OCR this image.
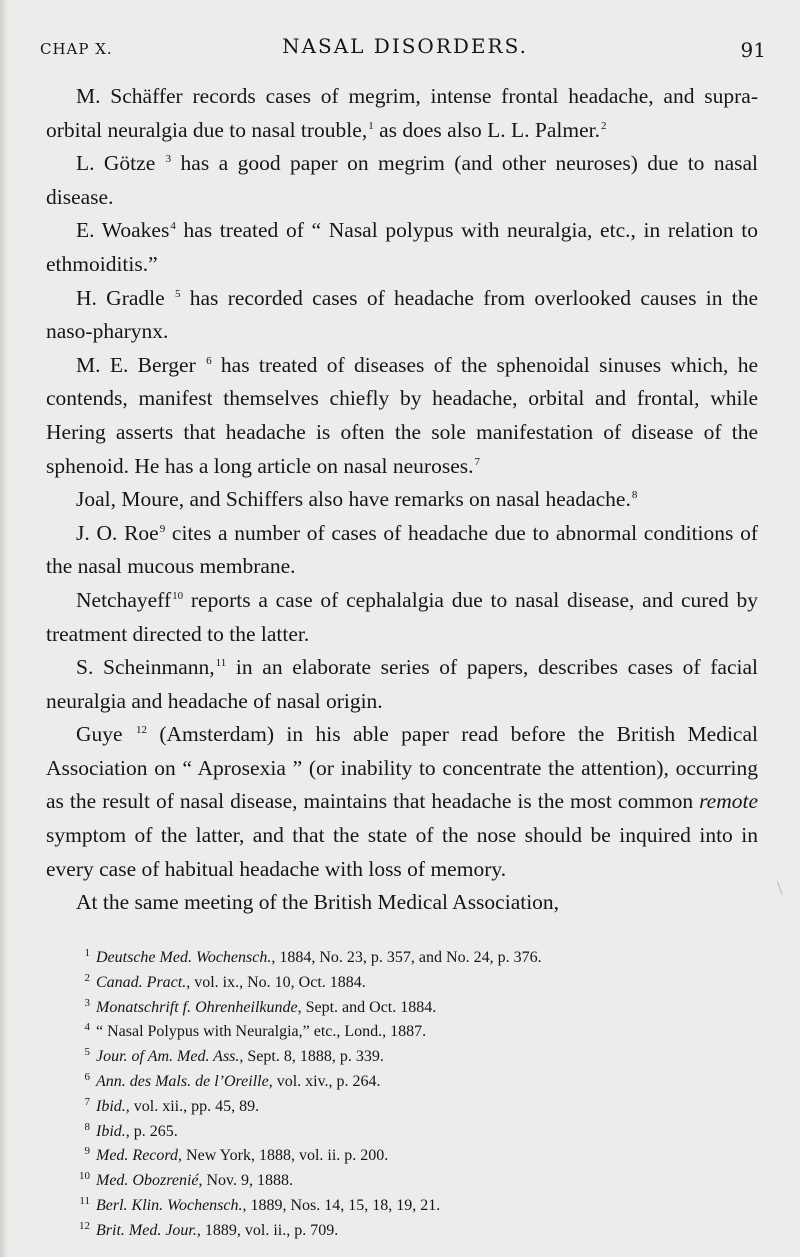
CHAP X.	NASAL DISORDERS.	91

M. Schäffer records cases of megrim, intense frontal headache, and supra-orbital neuralgia due to nasal trouble,$^1$ as does also L. L. Palmer.$^2$

L. Götze $^3$ has a good paper on megrim (and other neuroses) due to nasal disease.

E. Woakes$^4$ has treated of “ Nasal polypus with neuralgia, etc., in relation to ethmoiditis.”

H. Gradle $^5$ has recorded cases of headache from overlooked causes in the naso-pharynx.

M. E. Berger $^6$ has treated of diseases of the sphenoidal sinuses which, he contends, manifest themselves chiefly by headache, orbital and frontal, while Hering asserts that headache is often the sole manifestation of disease of the sphenoid. He has a long article on nasal neuroses.$^7$

Joal, Moure, and Schiffers also have remarks on nasal headache.$^8$

J. O. Roe$^9$ cites a number of cases of headache due to abnormal conditions of the nasal mucous membrane.

Netchayeff$^{10}$ reports a case of cephalalgia due to nasal disease, and cured by treatment directed to the latter.

S. Scheinmann,$^{11}$ in an elaborate series of papers, describes cases of facial neuralgia and headache of nasal origin.

Guye $^{12}$ (Amsterdam) in his able paper read before the British Medical Association on “ Aprosexia ” (or inability to concentrate the attention), occurring as the result of nasal disease, maintains that headache is the most common remote symptom of the latter, and that the state of the nose should be inquired into in every case of habitual headache with loss of memory.

At the same meeting of the British Medical Association,

1 Deutsche Med. Wochensch., 1884, No. 23, p. 357, and No. 24, p. 376.
2 Canad. Pract., vol. ix., No. 10, Oct. 1884.
3 Monatschrift f. Ohrenheilkunde, Sept. and Oct. 1884.
4 “ Nasal Polypus with Neuralgia,” etc., Lond., 1887.
5 Jour. of Am. Med. Ass., Sept. 8, 1888, p. 339.
6 Ann. des Mals. de l’Oreille, vol. xiv., p. 264.
7 Ibid., vol. xii., pp. 45, 89.
8 Ibid., p. 265.
9 Med. Record, New York, 1888, vol. ii. p. 200.
10 Med. Obozrenié, Nov. 9, 1888.
11 Berl. Klin. Wochensch., 1889, Nos. 14, 15, 18, 19, 21.
12 Brit. Med. Jour., 1889, vol. ii., p. 709.
